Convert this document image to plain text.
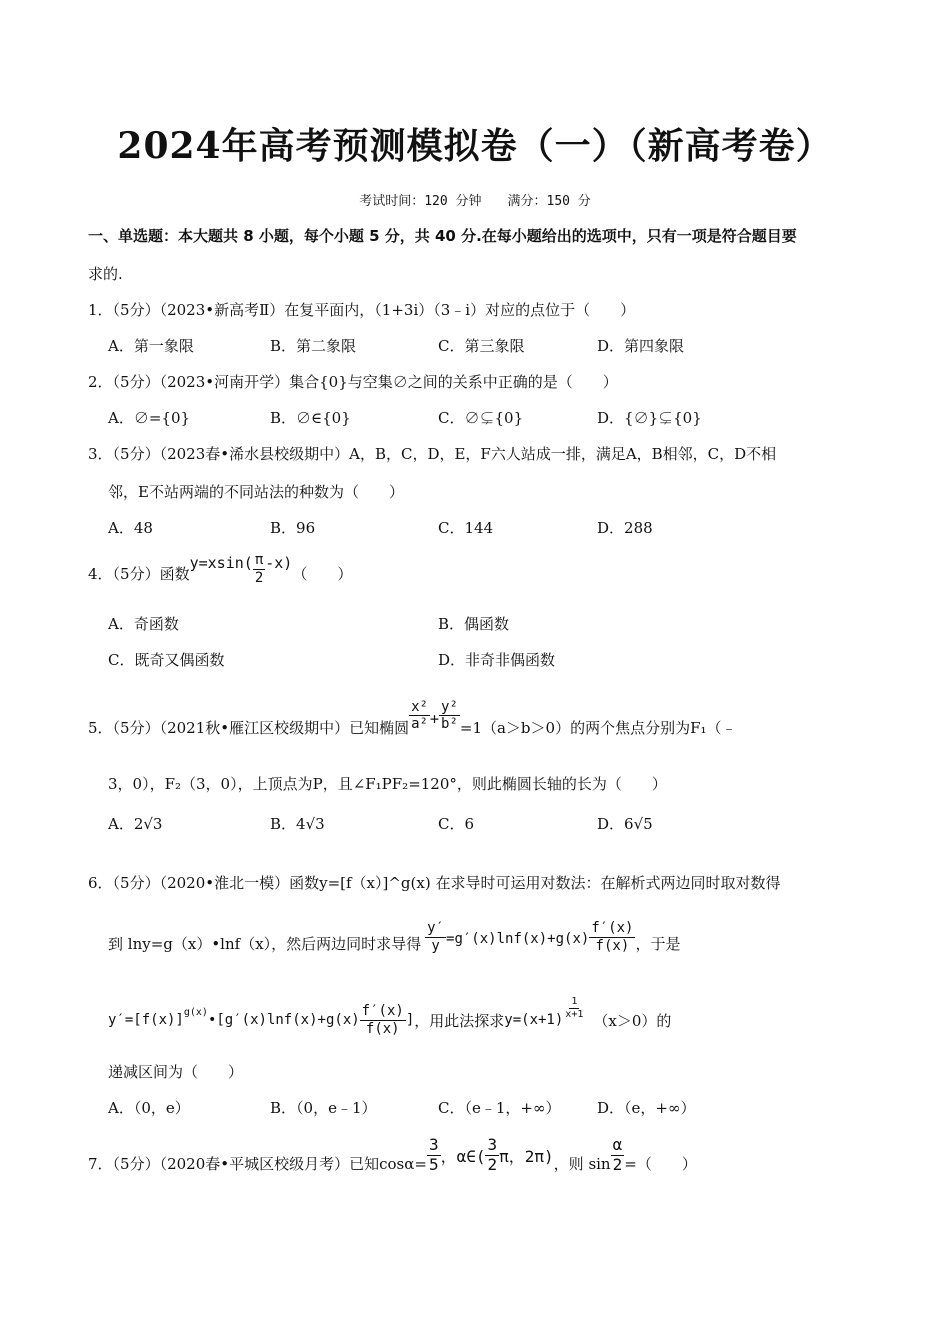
2024年高考预测模拟卷（一）（新高考卷）
考试时间：120 分钟　　满分：150 分
一、单选题：本大题共 8 小题，每个小题 5 分，共 40 分.在每小题给出的选项中，只有一项是符合题目要
求的.
1．（5分）（2023•新高考Ⅱ）在复平面内，（1+3i）（3﹣i）对应的点位于（　　）
A．第一象限	B．第二象限	C．第三象限	D．第四象限
2．（5分）（2023•河南开学）集合{0}与空集∅之间的关系中正确的是（　　）
A．∅={0}	B．∅∈{0}	C．∅⊊{0}	D．{∅}⊊{0}
3．（5分）（2023春•浠水县校级期中）A，B，C，D，E，F六人站成一排，满足A，B相邻，C，D不相
邻，E不站两端的不同站法的种数为（　　）
A．48	B．96	C．144	D．288
4．（5分）函数
$y=xsin( \frac{\pi}{2} -x)$
（　　）
A．奇函数	B．偶函数
C．既奇又偶函数	D．非奇非偶函数
5．（5分）（2021秋•雁江区校级期中）已知椭圆 $\frac{\text{x²}}{\text{a²}} + \frac{\text{y²}}{\text{b²}} =1(a>b>0)$的两个焦点分别为F₁（﹣
3，0），F₂（3，0），上顶点为P，且∠F₁PF₂=120°，则此椭圆长轴的长为（　　）
A．2√3	B．4√3	C．6	D．6√5
6．（5分）（2020•淮北一模）函数y=[f（x）]^g(x) 在求导时可运用对数法：在解析式两边同时取对数得
到 lny=g（x）•lnf（x），然后两边同时求导得 $\frac{y'}{y} =g'(x)\ln f(x)+g(x) \frac{f'(x)}{f(x)}$ ，于是
$y'=[f(x)]^{g(x)}$ •[g′(x)lnf(x)+g(x) $\frac{f'(x)}{f(x)}$ ] ，用此法探求 $y=(x+1) \frac{1}{x+1}$
（x＞0）的
递减区间为（　　）
A．（0，e）	B．（0，e﹣1）	C．（e﹣1，+∞） D．（e，+∞）
7．（5分）（2020春•平城区校级月考）已知$\cos\alpha= \frac{3}{5}$ ，α∈( $\frac{3}{2}$ π，2π) ，则 $\sin \frac{\alpha}{2}$ =（　　）
